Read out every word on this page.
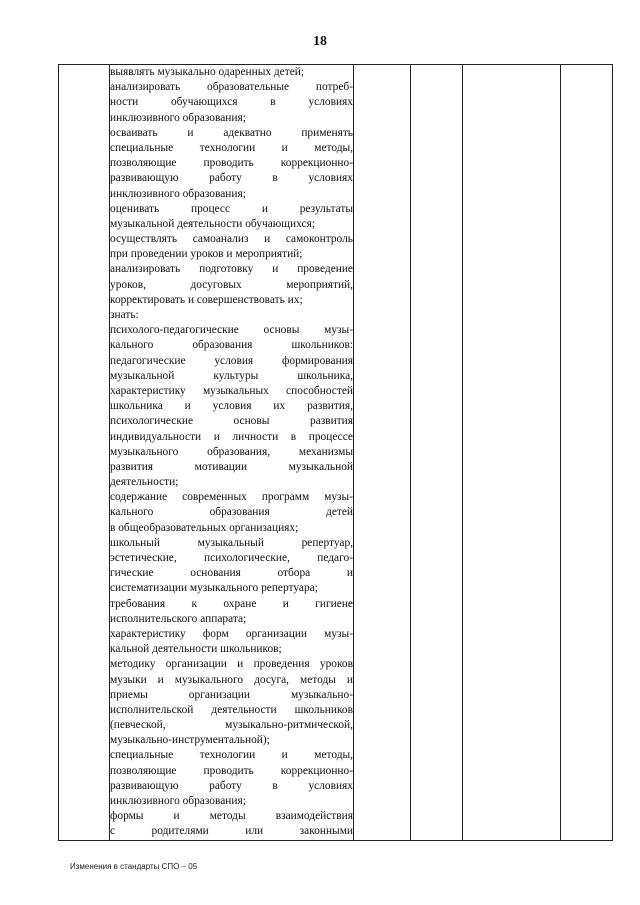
18

выявлять музыкально одаренных детей;
анализировать образовательные потреб-
ности обучающихся в условиях
инклюзивного образования;
осваивать и адекватно применять
специальные технологии и методы,
позволяющие проводить коррекционно-
развивающую работу в условиях
инклюзивного образования;
оценивать процесс и результаты
музыкальной деятельности обучающихся;
осуществлять самоанализ и самоконтроль
при проведении уроков и мероприятий;
анализировать подготовку и проведение
уроков, досуговых мероприятий,
корректировать и совершенствовать их;
знать:
психолого-педагогические основы музы-
кального образования школьников:
педагогические условия формирования
музыкальной культуры школьника,
характеристику музыкальных способностей
школьника и условия их развития,
психологические основы развития
индивидуальности и личности в процессе
музыкального образования, механизмы
развития мотивации музыкальной
деятельности;
содержание современных программ музы-
кального образования детей
в общеобразовательных организациях;
школьный музыкальный репертуар,
эстетические, психологические, педаго-
гические основания отбора и
систематизации музыкального репертуара;
требования к охране и гигиене
исполнительского аппарата;
характеристику форм организации музы-
кальной деятельности школьников;
методику организации и проведения уроков
музыки и музыкального досуга, методы и
приемы организации музыкально-
исполнительской деятельности школьников
(певческой, музыкально-ритмической,
музыкально-инструментальной);
специальные технологии и методы,
позволяющие проводить коррекционно-
развивающую работу в условиях
инклюзивного образования;
формы и методы взаимодействия
с родителями или законными

Изменения в стандарты СПО – 05
